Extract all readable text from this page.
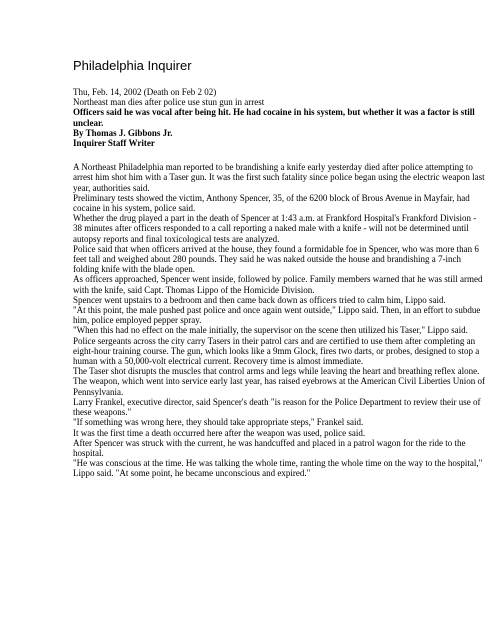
Philadelphia Inquirer
Thu, Feb. 14, 2002 (Death on Feb 2 02)
Northeast man dies after police use stun gun in arrest
Officers said he was vocal after being hit. He had cocaine in his system, but whether it was a factor is still unclear.
By Thomas J. Gibbons Jr.
Inquirer Staff Writer

A Northeast Philadelphia man reported to be brandishing a knife early yesterday died after police attempting to arrest him shot him with a Taser gun. It was the first such fatality since police began using the electric weapon last year, authorities said.

Preliminary tests showed the victim, Anthony Spencer, 35, of the 6200 block of Brous Avenue in Mayfair, had cocaine in his system, police said.

Whether the drug played a part in the death of Spencer at 1:43 a.m. at Frankford Hospital's Frankford Division - 38 minutes after officers responded to a call reporting a naked male with a knife - will not be determined until autopsy reports and final toxicological tests are analyzed.

Police said that when officers arrived at the house, they found a formidable foe in Spencer, who was more than 6 feet tall and weighed about 280 pounds. They said he was naked outside the house and brandishing a 7-inch folding knife with the blade open.

As officers approached, Spencer went inside, followed by police. Family members warned that he was still armed with the knife, said Capt. Thomas Lippo of the Homicide Division.

Spencer went upstairs to a bedroom and then came back down as officers tried to calm him, Lippo said.

"At this point, the male pushed past police and once again went outside," Lippo said. Then, in an effort to subdue him, police employed pepper spray.

"When this had no effect on the male initially, the supervisor on the scene then utilized his Taser," Lippo said.

Police sergeants across the city carry Tasers in their patrol cars and are certified to use them after completing an eight-hour training course. The gun, which looks like a 9mm Glock, fires two darts, or probes, designed to stop a human with a 50,000-volt electrical current. Recovery time is almost immediate.

The Taser shot disrupts the muscles that control arms and legs while leaving the heart and breathing reflex alone. The weapon, which went into service early last year, has raised eyebrows at the American Civil Liberties Union of Pennsylvania.

Larry Frankel, executive director, said Spencer's death "is reason for the Police Department to review their use of these weapons."

"If something was wrong here, they should take appropriate steps," Frankel said.

It was the first time a death occurred here after the weapon was used, police said.

After Spencer was struck with the current, he was handcuffed and placed in a patrol wagon for the ride to the hospital.

"He was conscious at the time. He was talking the whole time, ranting the whole time on the way to the hospital," Lippo said. "At some point, he became unconscious and expired."
